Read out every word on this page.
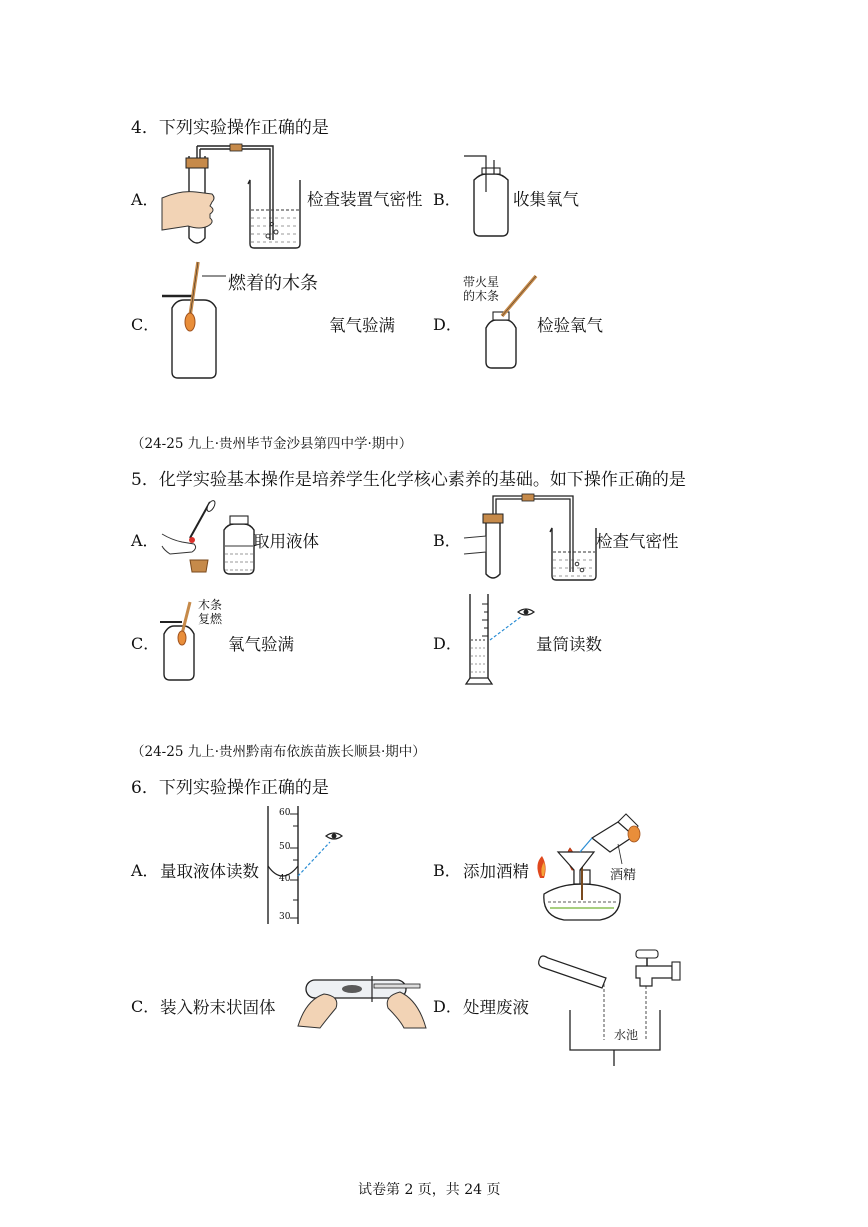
4．下列实验操作正确的是
A．	检查装置气密性 B．	收集氧气
C．
燃着的木条
氧气验满 D．
带火星
的木条
检验氧气
（24-25 九上·贵州毕节金沙县第四中学·期中）
5．化学实验基本操作是培养学生化学核心素养的基础。如下操作正确的是
A．	取用液体	B．	检查气密性
C．
木条
复燃
氧气验满	D．	量筒读数
（24-25 九上·贵州黔南布依族苗族长顺县·期中）
6．下列实验操作正确的是
A． 量取液体读数
60
50
40
30
B． 添加酒精	酒精
C． 装入粉末状固体	D． 处理废液
水池
试卷第 2 页，共 24 页
